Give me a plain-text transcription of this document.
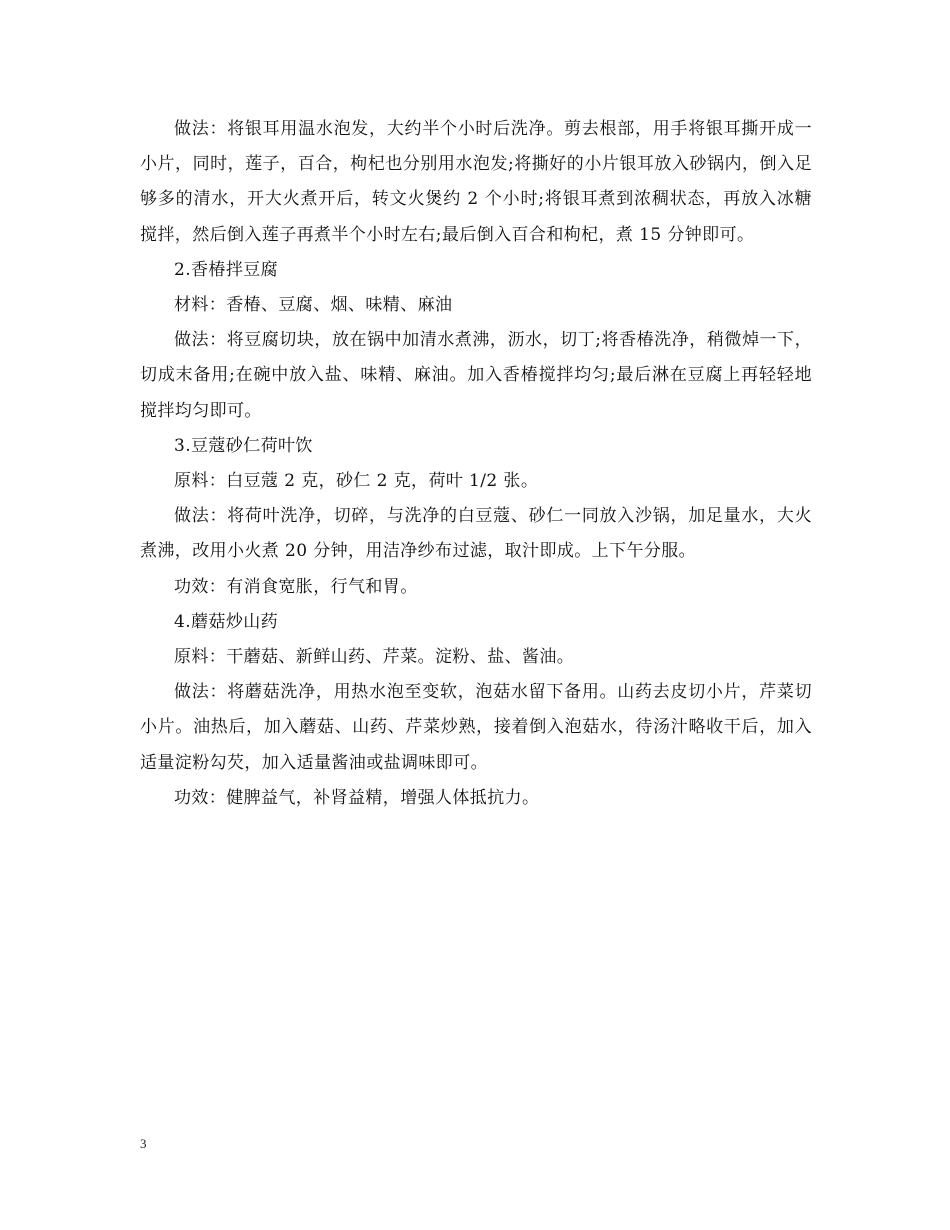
做法：将银耳用温水泡发，大约半个小时后洗净。剪去根部，用手将银耳撕开成一小片，同时，莲子，百合，枸杞也分别用水泡发;将撕好的小片银耳放入砂锅内，倒入足够多的清水，开大火煮开后，转文火煲约 2 个小时;将银耳煮到浓稠状态，再放入冰糖搅拌，然后倒入莲子再煮半个小时左右;最后倒入百合和枸杞，煮 15 分钟即可。

2.香椿拌豆腐

材料：香椿、豆腐、烟、味精、麻油

做法：将豆腐切块，放在锅中加清水煮沸，沥水，切丁;将香椿洗净，稍微焯一下，切成末备用;在碗中放入盐、味精、麻油。加入香椿搅拌均匀;最后淋在豆腐上再轻轻地搅拌均匀即可。

3.豆蔻砂仁荷叶饮

原料：白豆蔻 2 克，砂仁 2 克，荷叶 1/2 张。

做法：将荷叶洗净，切碎，与洗净的白豆蔻、砂仁一同放入沙锅，加足量水，大火煮沸，改用小火煮 20 分钟，用洁净纱布过滤，取汁即成。上下午分服。

功效：有消食宽胀，行气和胃。

4.蘑菇炒山药

原料：干蘑菇、新鲜山药、芹菜。淀粉、盐、酱油。

做法：将蘑菇洗净，用热水泡至变软，泡菇水留下备用。山药去皮切小片，芹菜切小片。油热后，加入蘑菇、山药、芹菜炒熟，接着倒入泡菇水，待汤汁略收干后，加入适量淀粉勾芡，加入适量酱油或盐调味即可。

功效：健脾益气，补肾益精，增强人体抵抗力。

3
